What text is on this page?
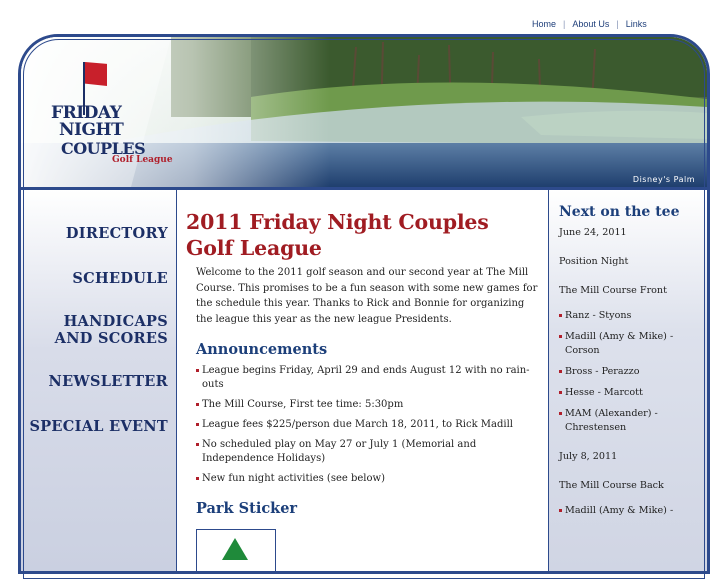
Home | About Us | Links
FRIDAY
NIGHT
COUPLES
Golf League
Disney's Palm
DIRECTORY
SCHEDULE
HANDICAPS
AND SCORES
NEWSLETTER
SPECIAL EVENT
2011 Friday Night Couples Golf League

Welcome to the 2011 golf season and our second year at The Mill Course. This promises to be a fun season with some new games for the schedule this year. Thanks to Rick and Bonnie for organizing the league this year as the new league Presidents.

Announcements
League begins Friday, April 29 and ends August 12 with no rain-outs
The Mill Course, First tee time: 5:30pm
League fees $225/person due March 18, 2011, to Rick Madill
No scheduled play on May 27 or July 1 (Memorial and Independence Holidays)
New fun night activities (see below)
Park Sticker
Next on the tee

June 24, 2011

Position Night

The Mill Course Front

Ranz - Styons
Madill (Amy & Mike) - Corson
Bross - Perazzo
Hesse - Marcott
MAM (Alexander) - Chrestensen

July 8, 2011

The Mill Course Back

Madill (Amy & Mike) -
